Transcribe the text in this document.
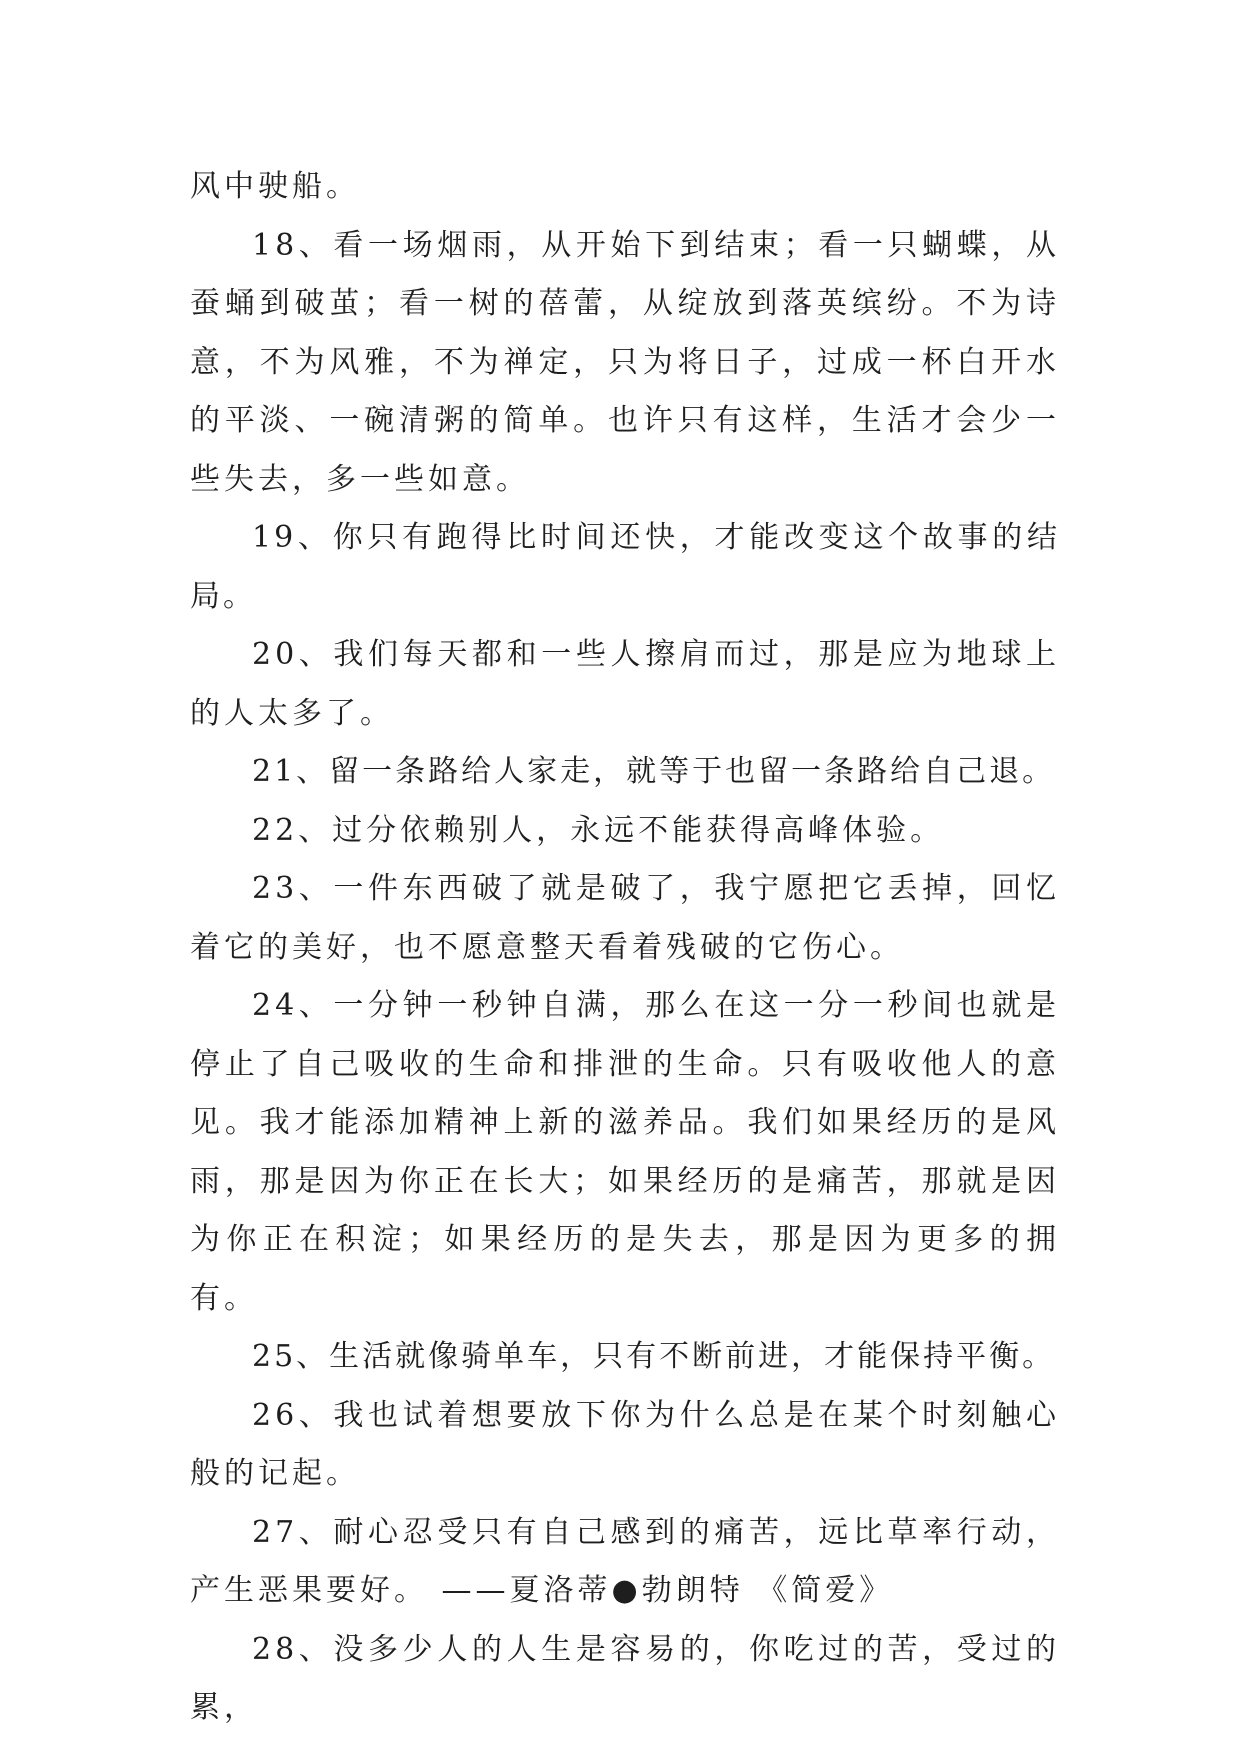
风中驶船。

18、看一场烟雨，从开始下到结束；看一只蝴蝶，从蚕蛹到破茧；看一树的蓓蕾，从绽放到落英缤纷。不为诗意，不为风雅，不为禅定，只为将日子，过成一杯白开水的平淡、一碗清粥的简单。也许只有这样，生活才会少一些失去，多一些如意。

19、你只有跑得比时间还快，才能改变这个故事的结局。

20、我们每天都和一些人擦肩而过，那是应为地球上的人太多了。

21、留一条路给人家走，就等于也留一条路给自己退。

22、过分依赖别人，永远不能获得高峰体验。

23、一件东西破了就是破了，我宁愿把它丢掉，回忆着它的美好，也不愿意整天看着残破的它伤心。

24、一分钟一秒钟自满，那么在这一分一秒间也就是停止了自己吸收的生命和排泄的生命。只有吸收他人的意见。我才能添加精神上新的滋养品。我们如果经历的是风雨，那是因为你正在长大；如果经历的是痛苦，那就是因为你正在积淀；如果经历的是失去，那是因为更多的拥有。

25、生活就像骑单车，只有不断前进，才能保持平衡。

26、我也试着想要放下你为什么总是在某个时刻触心般的记起。

27、耐心忍受只有自己感到的痛苦，远比草率行动，产生恶果要好。 ——夏洛蒂●勃朗特 《简爱》

28、没多少人的人生是容易的，你吃过的苦，受过的累，
